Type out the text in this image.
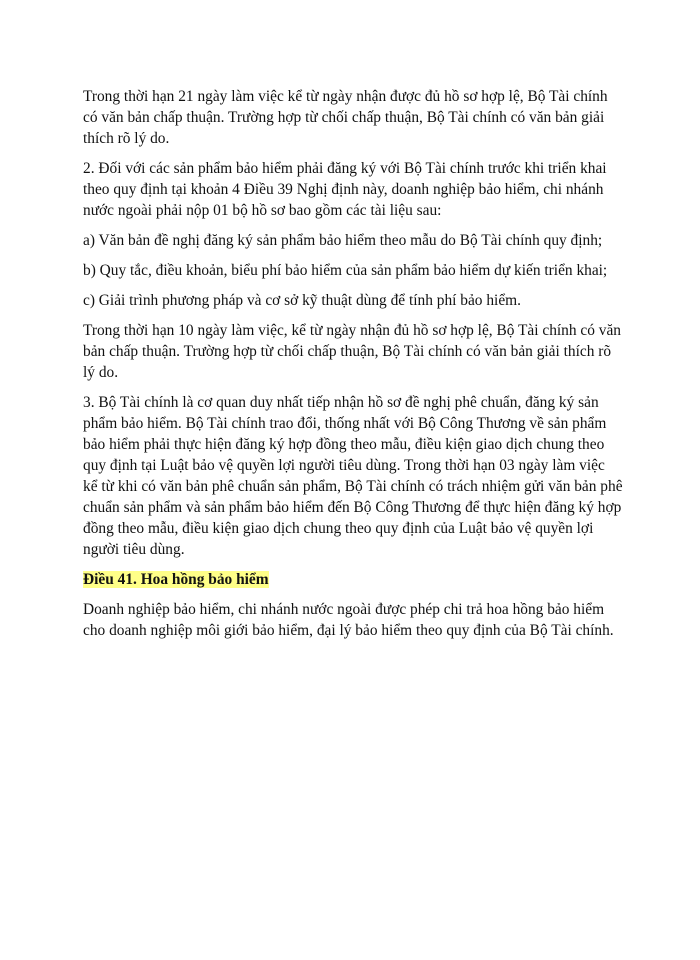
Trong thời hạn 21 ngày làm việc kể từ ngày nhận được đủ hồ sơ hợp lệ, Bộ Tài chính có văn bản chấp thuận. Trường hợp từ chối chấp thuận, Bộ Tài chính có văn bản giải thích rõ lý do.

2. Đối với các sản phẩm bảo hiểm phải đăng ký với Bộ Tài chính trước khi triển khai theo quy định tại khoản 4 Điều 39 Nghị định này, doanh nghiệp bảo hiểm, chi nhánh nước ngoài phải nộp 01 bộ hồ sơ bao gồm các tài liệu sau:

a) Văn bản đề nghị đăng ký sản phẩm bảo hiểm theo mẫu do Bộ Tài chính quy định;

b) Quy tắc, điều khoản, biểu phí bảo hiểm của sản phẩm bảo hiểm dự kiến triển khai;

c) Giải trình phương pháp và cơ sở kỹ thuật dùng để tính phí bảo hiểm.

Trong thời hạn 10 ngày làm việc, kể từ ngày nhận đủ hồ sơ hợp lệ, Bộ Tài chính có văn bản chấp thuận. Trường hợp từ chối chấp thuận, Bộ Tài chính có văn bản giải thích rõ lý do.

3. Bộ Tài chính là cơ quan duy nhất tiếp nhận hồ sơ đề nghị phê chuẩn, đăng ký sản phẩm bảo hiểm. Bộ Tài chính trao đổi, thống nhất với Bộ Công Thương về sản phẩm bảo hiểm phải thực hiện đăng ký hợp đồng theo mẫu, điều kiện giao dịch chung theo quy định tại Luật bảo vệ quyền lợi người tiêu dùng. Trong thời hạn 03 ngày làm việc kể từ khi có văn bản phê chuẩn sản phẩm, Bộ Tài chính có trách nhiệm gửi văn bản phê chuẩn sản phẩm và sản phẩm bảo hiểm đến Bộ Công Thương để thực hiện đăng ký hợp đồng theo mẫu, điều kiện giao dịch chung theo quy định của Luật bảo vệ quyền lợi người tiêu dùng.

Điều 41. Hoa hồng bảo hiểm

Doanh nghiệp bảo hiểm, chi nhánh nước ngoài được phép chi trả hoa hồng bảo hiểm cho doanh nghiệp môi giới bảo hiểm, đại lý bảo hiểm theo quy định của Bộ Tài chính.
